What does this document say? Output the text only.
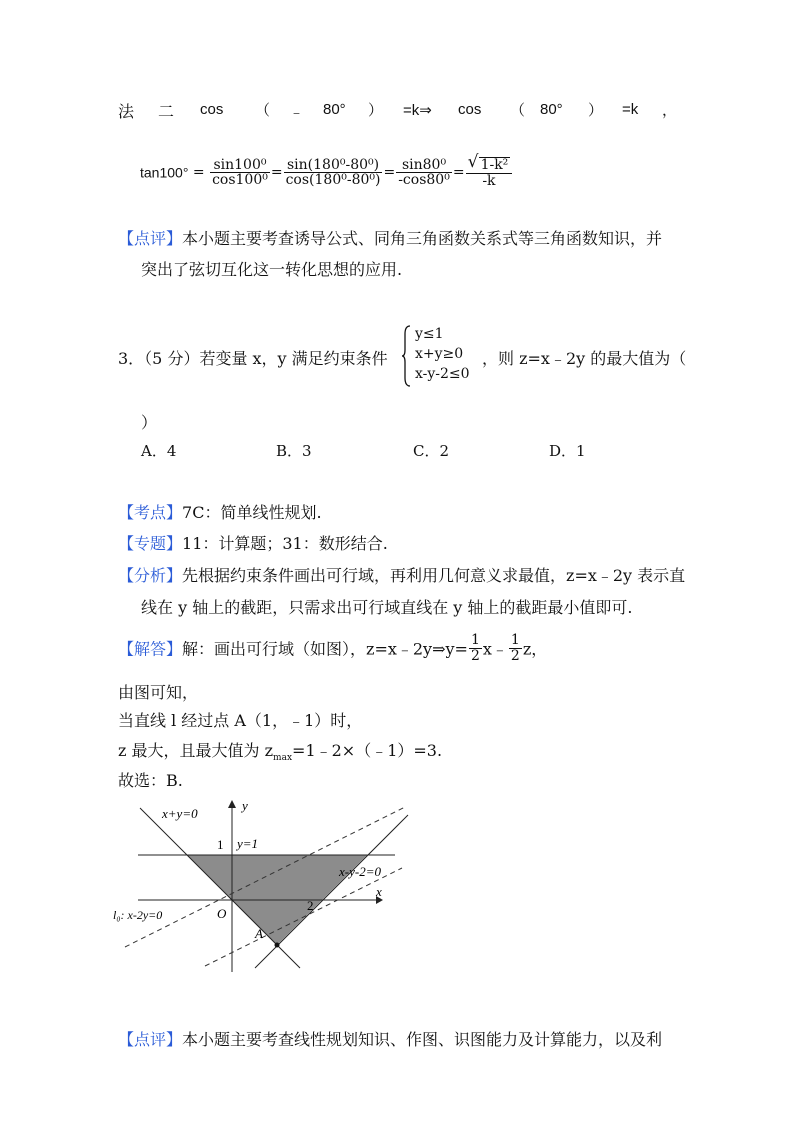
法 二 cos （ ﹣ 80° ） =k⇒ cos （ 80° ） =k ，
$\tan 100^\circ = \frac{\text{sin100⁰}}{\text{cos100⁰}} = \frac{\text{sin(180⁰-80⁰)}}{\text{cos(180⁰-80⁰)}} = \frac{\text{sin80⁰}}{\text{-cos80⁰}}$ =
√ $\frac{\text{1-k²}}{-k}$
【点评】本小题主要考查诱导公式、同角三角函数关系式等三角函数知识，并
突出了弦切互化这一转化思想的应用.
3．（5 分）若变量 x，y 满足约束条件
y≤1
x+y≥0
x-y-2≤0
，则 z=x﹣2y 的最大值为（
）
A．4	B．3	C．2	D．1
【考点】7C：简单线性规划.
【专题】11：计算题；31：数形结合.
【分析】先根据约束条件画出可行域，再利用几何意义求最值，z=x﹣2y 表示直
线在 y 轴上的截距，只需求出可行域直线在 y 轴上的截距最小值即可.
【解答】解：画出可行域（如图），z=x﹣2y⇒y= $\frac{1}{2}$ x﹣ $\frac{1}{2}$ z，
由图可知，
当直线 l 经过点 A（1，﹣1）时，
z 最大，且最大值为 $z_{max}=1﹣2\times(﹣1)=3$.
故选：B.
x+y=0
y
y=1
1
x-y-2=0
x
2
O
l₀: x-2y=0
A
【点评】本小题主要考查线性规划知识、作图、识图能力及计算能力，以及利
